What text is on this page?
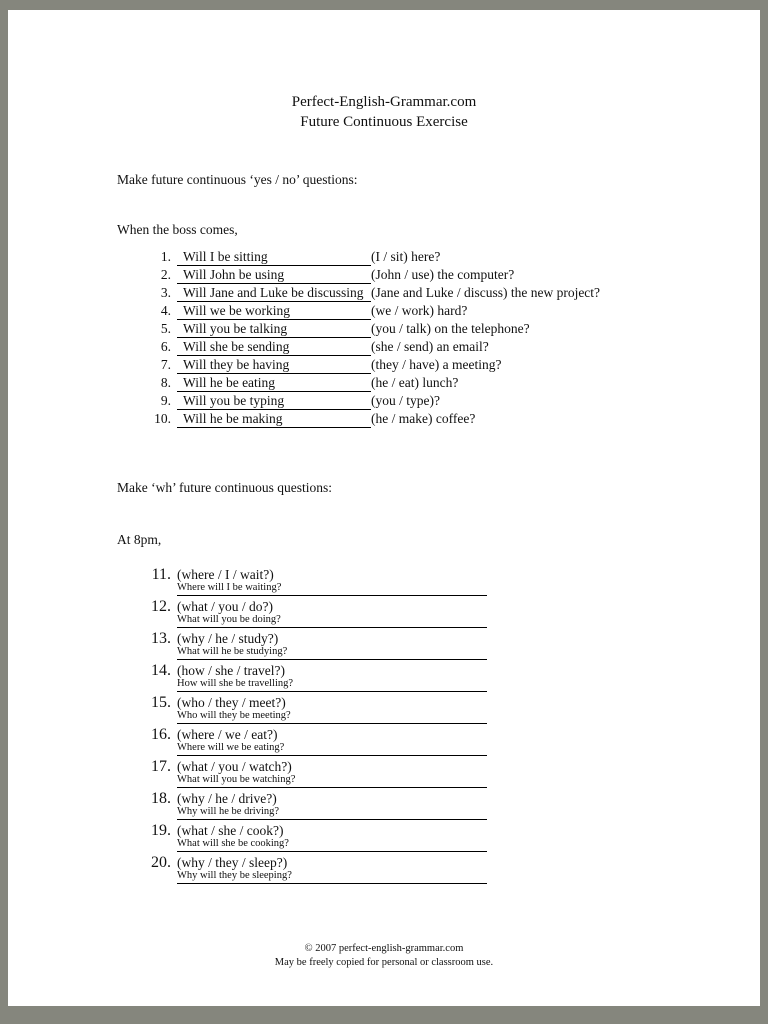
Perfect-English-Grammar.com
Future Continuous Exercise
Make future continuous ‘yes / no’ questions:
When the boss comes,
1. Will I be sitting	(I / sit) here?
2. Will John be using	(John / use) the computer?
3. Will Jane and Luke be discussing (Jane and Luke / discuss) the new project?
4. Will we be working	(we / work) hard?
5. Will you be talking	(you / talk) on the telephone?
6. Will she be sending	(she / send) an email?
7. Will they be having	(they / have) a meeting?
8. Will he be eating	(he / eat) lunch?
9. Will you be typing	(you / type)?
10. Will he be making	(he / make) coffee?
Make ‘wh’ future continuous questions:
At 8pm,
11. (where / I / wait?)
Where will I be waiting?
12. (what / you / do?)
What will you be doing?
13. (why / he / study?)
What will he be studying?
14. (how / she / travel?)
How will she be travelling?
15. (who / they / meet?)
Who will they be meeting?
16. (where / we / eat?)
Where will we be eating?
17. (what / you / watch?)
What will you be watching?
18. (why / he / drive?)
Why will he be driving?
19. (what / she / cook?)
What will she be cooking?
20. (why / they / sleep?)
Why will they be sleeping?
© 2007 perfect-english-grammar.com
May be freely copied for personal or classroom use.
